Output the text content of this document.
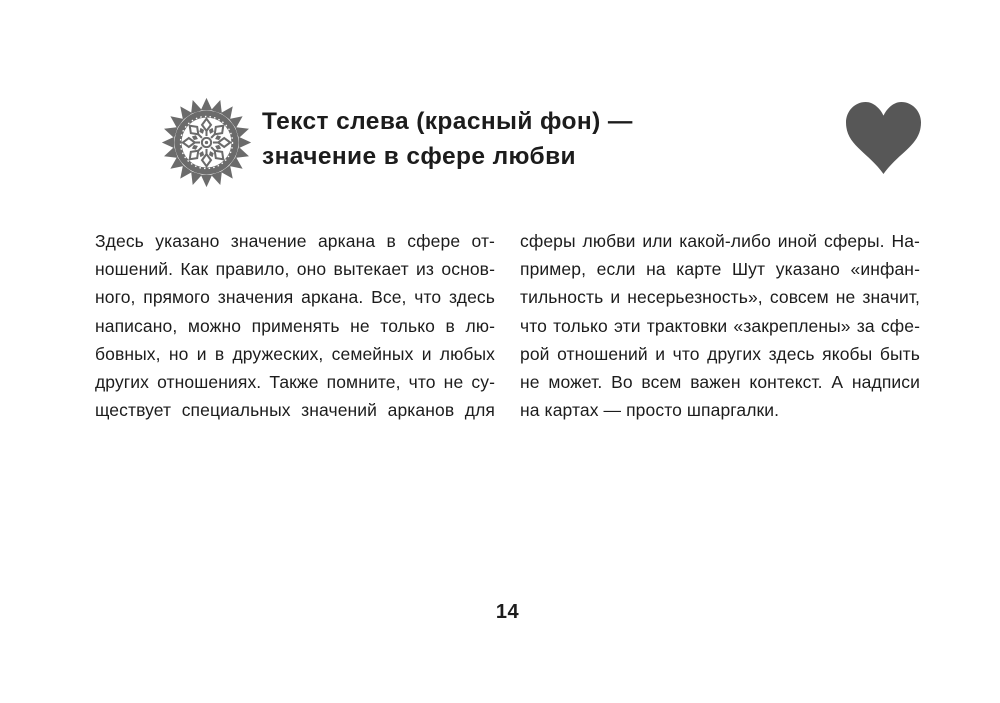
Текст слева (красный фон) —
значение в сфере любви

Здесь указано значение аркана в сфере от-

ношений. Как правило, оно вытекает из основ-

ного, прямого значения аркана. Все, что здесь

написано, можно применять не только в лю-

бовных, но и в дружеских, семейных и любых

других отношениях. Также помните, что не су-

ществует специальных значений арканов для

сферы любви или какой-либо иной сферы. На-

пример, если на карте Шут указано «инфан-

тильность и несерьезность», совсем не значит,

что только эти трактовки «закреплены» за сфе-

рой отношений и что других здесь якобы быть

не может. Во всем важен контекст. А надписи

на картах — просто шпаргалки.

14
